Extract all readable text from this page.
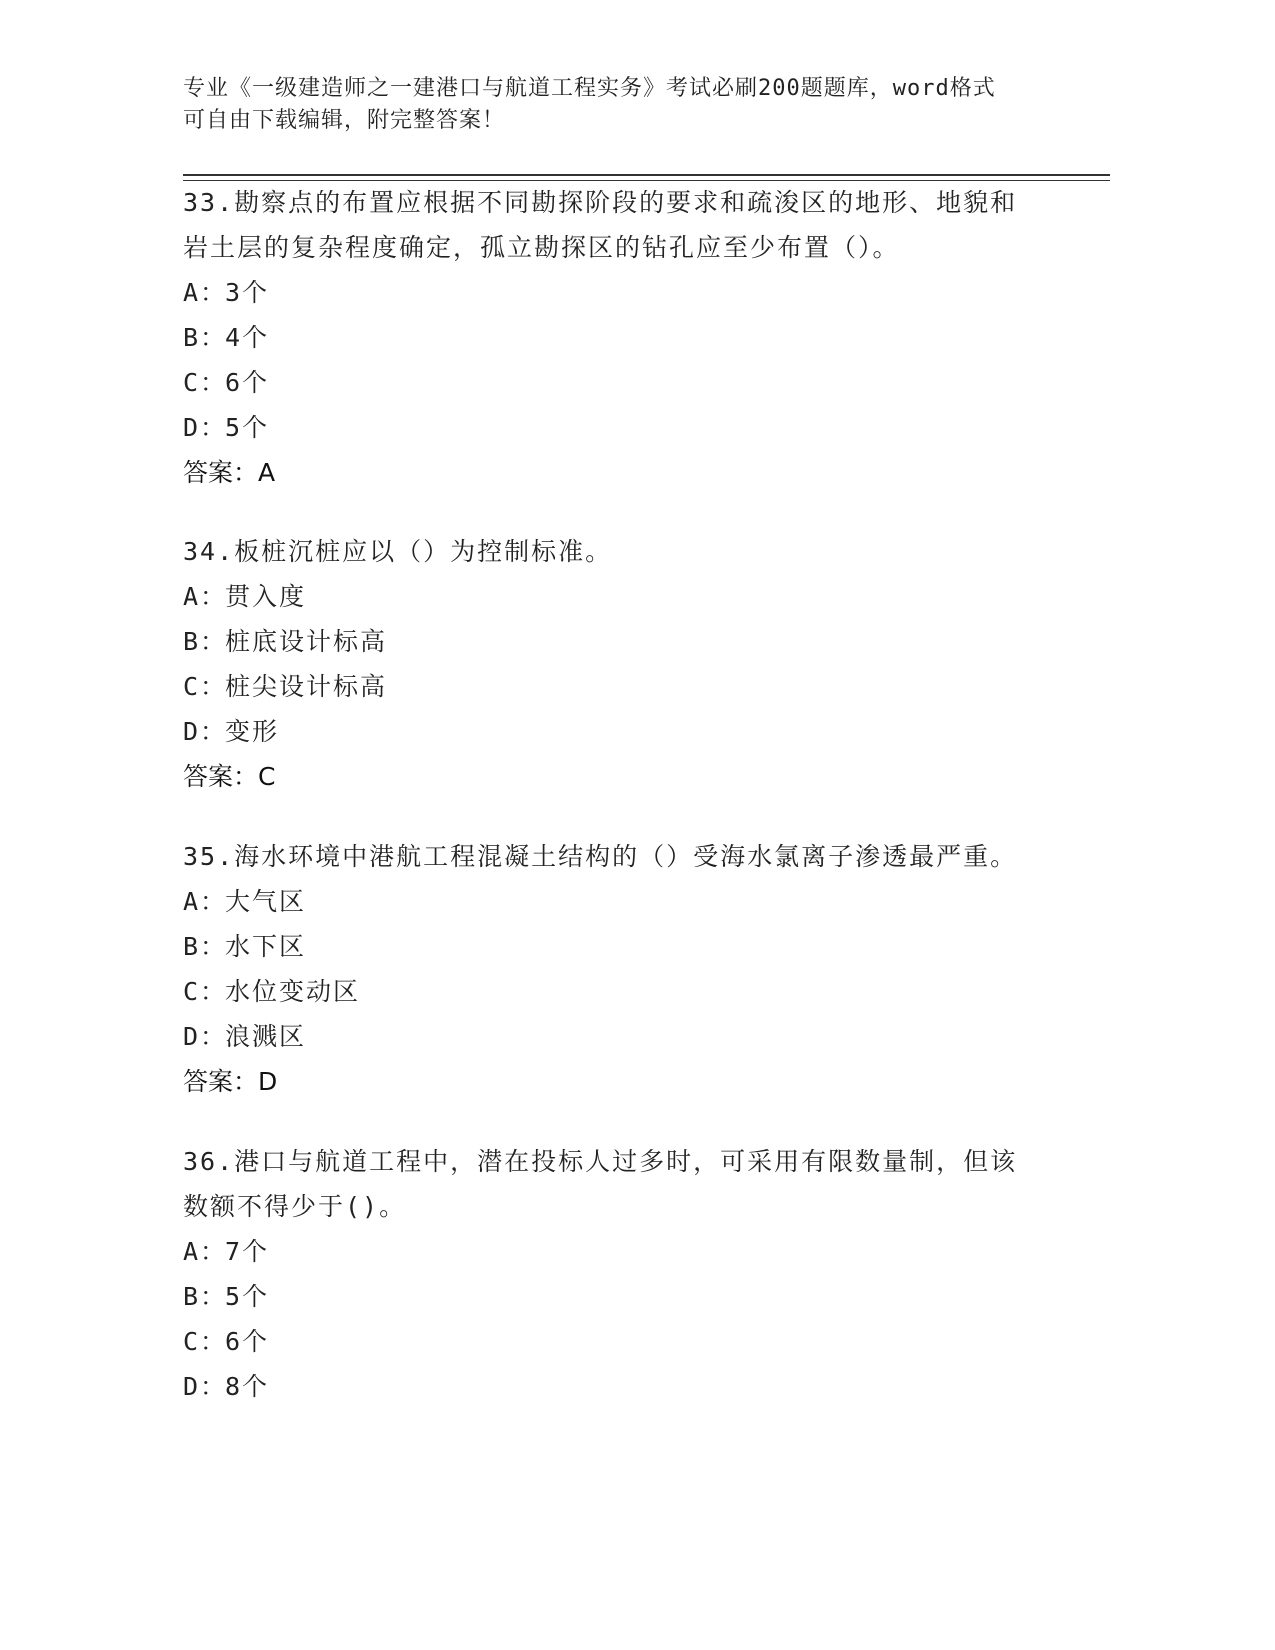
专业《一级建造师之一建港口与航道工程实务》考试必刷200题题库，word格式
可自由下载编辑，附完整答案！

33.勘察点的布置应根据不同勘探阶段的要求和疏浚区的地形、地貌和

岩土层的复杂程度确定，孤立勘探区的钻孔应至少布置（）。

A：3个

B：4个

C：6个

D：5个

答案：A

34.板桩沉桩应以（）为控制标准。

A：贯入度

B：桩底设计标高

C：桩尖设计标高

D：变形

答案：C

35.海水环境中港航工程混凝土结构的（）受海水氯离子渗透最严重。

A：大气区

B：水下区

C：水位变动区

D：浪溅区

答案：D

36.港口与航道工程中，潜在投标人过多时，可采用有限数量制，但该

数额不得少于()。

A：7个

B：5个

C：6个

D：8个
